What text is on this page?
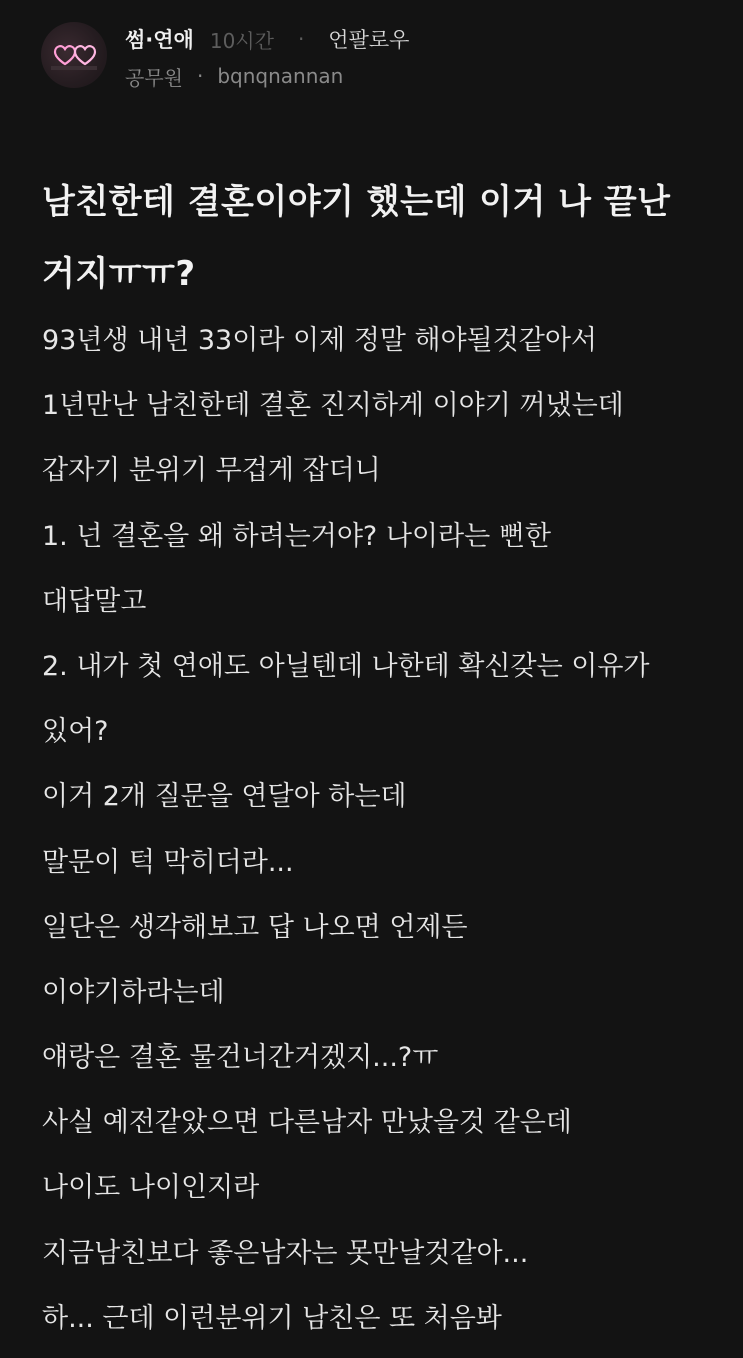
썸·연애 10시간 · 언팔로우
공무원 · bqnqnannan
남친한테 결혼이야기 했는데 이거 나 끝난거지ㅠㅠ?
93년생 내년 33이라 이제 정말 해야될것같아서
1년만난 남친한테 결혼 진지하게 이야기 꺼냈는데
갑자기 분위기 무겁게 잡더니
1. 넌 결혼을 왜 하려는거야? 나이라는 뻔한
대답말고
2. 내가 첫 연애도 아닐텐데 나한테 확신갖는 이유가
있어?
이거 2개 질문을 연달아 하는데
말문이 턱 막히더라...
일단은 생각해보고 답 나오면 언제든
이야기하라는데
얘랑은 결혼 물건너간거겠지...?ㅠ
사실 예전같았으면 다른남자 만났을것 같은데
나이도 나이인지라
지금남친보다 좋은남자는 못만날것같아...
하... 근데 이런분위기 남친은 또 처음봐
